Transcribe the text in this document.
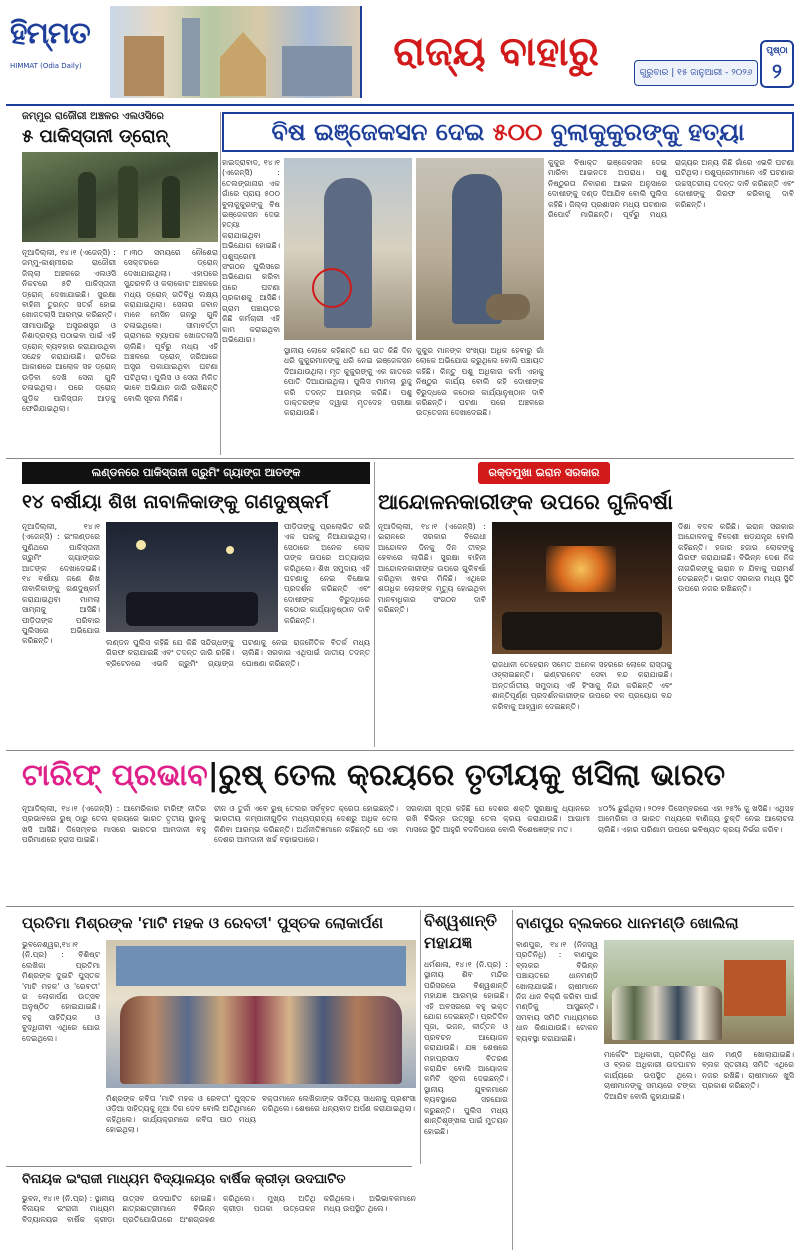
ହିମ୍ମତ
HIMMAT (Odia Daily)	ରାଜ୍ୟ ବାହାରୁ	ଗୁରୁବାର | ୧୫ ଜାନୁଆରୀ - ୨୦୨୬
ପୃଷ୍ଠା
୨
ଜମ୍ମୁର ରାଜୌରୀ ଅଞ୍ଚଳର ଏଲଓସିରେ
୫ ପାକିସ୍ତାନୀ ଡ୍ରୋନ୍
ନୂଆଦିଲ୍ଲୀ, ୧୪।୧ (ଏଜେନ୍ସି) : ଜମ୍ମୁ-କାଶ୍ମୀରର ରାଜୌରୀ ଜିଲ୍ଲା ଅଞ୍ଚଳରେ ଏଲଓସି ନିକଟରେ ୫ଟି ପାକିସ୍ତାନୀ ଡ୍ରୋନ୍ ଦେଖାଯାଇଛି। ସୁରକ୍ଷା ବାହିନୀ ତୁରନ୍ତ ସତର୍କ ହୋଇ ଖୋଜତଲାସି ଆରମ୍ଭ କରିଛନ୍ତି। ସୀମାପାରିରୁ ଅସ୍ତ୍ରଶସ୍ତ୍ର ଓ ନିଶାଦ୍ରବ୍ୟ ପଠାଇବା ପାଇଁ ଏହି ଡ୍ରୋନ୍ ବ୍ୟବହାର କରାଯାଉଥିବା ସନ୍ଦେହ କରାଯାଉଛି। ରାତିରେ ଆକାଶରେ ଆଲୋକ ସହ ଡ୍ରୋନ୍ ଉଡ଼ିବା ଦେଖି ସେନା ଗୁଳି ଚଳାଇଥିଲା। ପରେ ଡ୍ରୋନ୍ ଗୁଡ଼ିକ ପାକିସ୍ତାନ ଆଡ଼କୁ ଫେରିଯାଇଥିଲା।
୮।୩୦ ସମୟରେ ନୌଶେରା ସେକ୍ଟରରେ ଡ୍ରୋନ୍ ଦେଖାଯାଇଥିଲା। ଏହାପରେ ସୁନ୍ଦରବନି ଓ କଲାକୋଟ ଅଞ୍ଚଳରେ ମଧ୍ୟ ଡ୍ରୋନ୍ ଗତିବିଧି ଲକ୍ଷ୍ୟ କରାଯାଇଥିଲା। ସେନାର ଜବାନ ମାନେ ମେସିନ ଗନରୁ ଗୁଳି ଚଳାଇଥିଲେ। ସୀମାବର୍ତ୍ତୀ ଗ୍ରାମରେ ବ୍ୟାପକ ଖୋଜତଲାସି ଚାଲିଛି। ପୂର୍ବରୁ ମଧ୍ୟ ଏହି ଅଞ୍ଚଳରେ ଡ୍ରୋନ୍ ଜରିଆରେ ଅସ୍ତ୍ର ପକାଯାଇଥିବା ଘଟଣା ଘଟିଥିଲା। ପୁଲିସ ଓ ସେନା ମିଳିତ ଭାବେ ଅଭିଯାନ ଜାରି ରଖିଛନ୍ତି ବୋଲି ସୂଚନା ମିଳିଛି।
ବିଷ ଇଞ୍ଜେକସନ ଦେଇ ୫୦୦ ବୁଲାକୁକୁରଙ୍କୁ ହତ୍ୟା
ହାଇଦ୍ରାବାଦ, ୧୪।୧ (ଏଜେନ୍ସି) : ତେଲଙ୍ଗାନାର ଏକ ଗାଁରେ ପ୍ରାୟ ୫୦୦ ବୁଲାକୁକୁରଙ୍କୁ ବିଷ ଇଞ୍ଜେକସନ ଦେଇ ହତ୍ୟା କରାଯାଇଥିବା ଅଭିଯୋଗ ହୋଇଛି। ପଶୁପ୍ରେମୀ ସଂଗଠନ ପୁଲିସରେ ଅଭିଯୋଗ କରିବା ପରେ ଘଟଣା ପ୍ରକାଶକୁ ଆସିଛି। ଗ୍ରାମ ପଞ୍ଚାୟତର କିଛି କର୍ମଚାରୀ ଏହି କାମ କରାଇଥିବା ଅଭିଯୋଗ।
ସ୍ଥାନୀୟ ଲୋକେ କହିଛନ୍ତି ଯେ ଗତ କିଛି ଦିନ ଧରି କୁକୁରମାନଙ୍କୁ ଧରି ନେଇ ଇଞ୍ଜେକସନ ଦିଆଯାଉଥିଲା। ମୃତ କୁକୁରଙ୍କୁ ଏକ ଗାତରେ ପୋତି ଦିଆଯାଇଥିଲା। ପୁଲିସ ମାମଲା ରୁଜୁ କରି ତଦନ୍ତ ଆରମ୍ଭ କରିଛି। ପଶୁ ଡାକ୍ତରଙ୍କ ଦ୍ୱାରା ମୃତଦେହ ପରୀକ୍ଷା କରାଯାଉଛି।
କୁକୁର ମାନଙ୍କ ସଂଖ୍ୟା ଅଧିକ ହେବାରୁ ଗାଁ ଲୋକେ ଅଭିଯୋଗ କରୁଥିଲେ ବୋଲି ପଞ୍ଚାୟତ କହିଛି। କିନ୍ତୁ ପଶୁ ଅଧିକାର କର୍ମୀ ଏହାକୁ ନିଷ୍ଠୁର କାର୍ଯ୍ୟ ବୋଲି କହି ଦୋଷୀଙ୍କ ବିରୁଦ୍ଧରେ କଠୋର କାର୍ଯ୍ୟାନୁଷ୍ଠାନ ଦାବି କରିଛନ୍ତି। ଘଟଣା ପରେ ଅଞ୍ଚଳରେ ଉତ୍ତେଜନା ଦେଖାଦେଇଛି।
କୁକୁର ବିଷାକ୍ତ ଇଞ୍ଜେକସନ ଦେଇ ମାରିବା ଆଇନତଃ ଅପରାଧ। ପଶୁ ନିଷ୍ଠୁରତା ନିବାରଣ ଆଇନ ଅନୁସାରେ ଦୋଷୀଙ୍କୁ ଦଣ୍ଡ ଦିଆଯିବ ବୋଲି ପୁଲିସ କହିଛି। ଜିଲ୍ଲା ପ୍ରଶାସନ ମଧ୍ୟ ଘଟଣାର ରିପୋର୍ଟ ମାଗିଛନ୍ତି। ପୂର୍ବରୁ ମଧ୍ୟ ରାଜ୍ୟର ଅନ୍ୟ କିଛି ଗାଁରେ ଏଭଳି ଘଟଣା ଘଟିଥିଲା। ପଶୁପ୍ରେମୀମାନେ ଏହି ଘଟଣାର ଉଚ୍ଚସ୍ତରୀୟ ତଦନ୍ତ ଦାବି କରିଛନ୍ତି ଏବଂ ଦୋଷୀଙ୍କୁ ଗିରଫ କରିବାକୁ ଦାବି କରିଛନ୍ତି।
ଲଣ୍ଡନରେ ପାକିସ୍ତାନୀ ଗ୍ରୁମିଂ ଗ୍ୟାଙ୍ଗ ଆତଙ୍କ
୧୪ ବର୍ଷୀୟା ଶିଖ ନାବାଳିକାଙ୍କୁ ଗଣଦୁଷ୍କର୍ମ
ନୂଆଦିଲ୍ଲୀ, ୧୪।୧ (ଏଜେନ୍ସି) : ଇଂଲଣ୍ଡରେ ପୁଣିଥରେ ପାକିସ୍ତାନୀ ଗ୍ରୁମିଂ ଗ୍ୟାଙ୍ଗର ଆତଙ୍କ ଦେଖାଦେଇଛି। ୧୪ ବର୍ଷୀୟା ଜଣେ ଶିଖ ନାବାଳିକାଙ୍କୁ ଗଣଦୁଷ୍କର୍ମ କରାଯାଇଥିବା ମାମଲା ସାମ୍ନାକୁ ଆସିଛି। ପୀଡ଼ିତାଙ୍କ ପରିବାର ପୁଲିସରେ ଅଭିଯୋଗ କରିଛନ୍ତି।
ପୀଡ଼ିତାଙ୍କୁ ପ୍ରଲୋଭିତ କରି ଏକ ଘରକୁ ନିଆଯାଇଥିଲା। ସେଠାରେ ଅନେକ ଲୋକ ତାଙ୍କ ଉପରେ ଅତ୍ୟାଚାର କରିଥିଲେ। ଶିଖ ସମୁଦାୟ ଏହି ଘଟଣାକୁ ନେଇ ବିକ୍ଷୋଭ ପ୍ରଦର୍ଶନ କରିଛନ୍ତି ଏବଂ ଦୋଷୀଙ୍କ ବିରୁଦ୍ଧରେ କଠୋର କାର୍ଯ୍ୟାନୁଷ୍ଠାନ ଦାବି କରିଛନ୍ତି।
ଲଣ୍ଡନ ପୁଲିସ କହିଛି ଯେ କିଛି ସନ୍ଦିଗ୍ଧଙ୍କୁ ଗିରଫ କରାଯାଇଛି ଏବଂ ତଦନ୍ତ ଜାରି ରହିଛି। ବ୍ରିଟେନରେ ଏଭଳି ଗ୍ରୁମିଂ ଗ୍ୟାଙ୍ଗ ଘଟଣାକୁ ନେଇ ରାଜନୈତିକ ବିତର୍କ ମଧ୍ୟ ଚାଲିଛି। ସରକାର ଏଥିପାଇଁ ଜାତୀୟ ତଦନ୍ତ ଘୋଷଣା କରିଛନ୍ତି।
ରକ୍ତମୁଖା ଇରାନ ସରକାର
ଆନ୍ଦୋଳନକାରୀଙ୍କ ଉପରେ ଗୁଳିବର୍ଷା
ନୂଆଦିଲ୍ଲୀ, ୧୪।୧ (ଏଜେନ୍ସି) : ଇରାନରେ ସରକାର ବିରୋଧୀ ଆନ୍ଦୋଳନ ଦିନକୁ ଦିନ ତୀବ୍ର ହେବାରେ ଲାଗିଛି। ସୁରକ୍ଷା ବାହିନୀ ଆନ୍ଦୋଳନକାରୀଙ୍କ ଉପରେ ଗୁଳିବର୍ଷା କରିଥିବା ଖବର ମିଳିଛି। ଏଥିରେ ଶତାଧିକ ଲୋକଙ୍କ ମୃତ୍ୟୁ ହୋଇଥିବା ମାନବାଧିକାର ସଂଗଠନ ଦାବି କରିଛନ୍ତି।
ରାଜଧାନୀ ତେହେରାନ ସମେତ ଅନେକ ସହରରେ ଲୋକେ ରାସ୍ତାକୁ ଓହ୍ଲାଇଛନ୍ତି। ଇଣ୍ଟରନେଟ ସେବା ବନ୍ଦ କରାଯାଇଛି। ଅନ୍ତର୍ଜାତୀୟ ସମୁଦାୟ ଏହି ହିଂସାକୁ ନିନ୍ଦା କରିଛନ୍ତି ଏବଂ ଶାନ୍ତିପୂର୍ଣ୍ଣ ପ୍ରଦର୍ଶନକାରୀଙ୍କ ଉପରେ ବଳ ପ୍ରୟୋଗ ବନ୍ଦ କରିବାକୁ ଆହ୍ୱାନ ଦେଇଛନ୍ତି।
ଦିଶା ବଦଳ କରିଛି। ଇରାନ ସରକାର ଆନ୍ଦୋଳନକୁ ବିଦେଶୀ ଷଡ଼ଯନ୍ତ୍ର ବୋଲି କହିଛନ୍ତି। ହଜାର ହଜାର ଲୋକଙ୍କୁ ଗିରଫ କରାଯାଇଛି। ବିଭିନ୍ନ ଦେଶ ନିଜ ନାଗରିକଙ୍କୁ ଇରାନ ନ ଯିବାକୁ ପରାମର୍ଶ ଦେଇଛନ୍ତି। ଭାରତ ସରକାର ମଧ୍ୟ ସ୍ଥିତି ଉପରେ ନଜର ରଖିଛନ୍ତି।
ଟାରିଫ୍ ପ୍ରଭାବ|ରୁଷ୍ ତେଲ କ୍ରୟରେ ତୃତୀୟକୁ ଖସିଲା ଭାରତ
ନୂଆଦିଲ୍ଲୀ, ୧୪।୧ (ଏଜେନ୍ସି) : ଆମେରିକାର ଟାରିଫ୍ ନୀତିର ପ୍ରଭାବରେ ରୁଷ୍ ଠାରୁ ତେଲ କ୍ରୟରେ ଭାରତ ତୃତୀୟ ସ୍ଥାନକୁ ଖସି ଆସିଛି। ଡିସେମ୍ବର ମାସରେ ଭାରତର ଆମଦାନୀ ବହୁ ପରିମାଣରେ ହ୍ରାସ ପାଇଛି।
ଚୀନ ଓ ତୁର୍କୀ ଏବେ ରୁଷ୍ ତେଲର ସର୍ବବୃହତ କ୍ରେତା ହୋଇଛନ୍ତି। ଭାରତୀୟ କମ୍ପାନୀଗୁଡ଼ିକ ମଧ୍ୟପ୍ରାଚ୍ୟ ଦେଶରୁ ଅଧିକ ତେଲ କିଣିବା ଆରମ୍ଭ କରିଛନ୍ତି। ଅର୍ଥନୀତିଜ୍ଞମାନେ କହିଛନ୍ତି ଯେ ଏହା ଦେଶର ଆମଦାନୀ ଖର୍ଚ୍ଚ ବଢ଼ାଇପାରେ।
ସରକାରୀ ସୂତ୍ର କହିଛି ଯେ ଦେଶର ଶକ୍ତି ସୁରକ୍ଷାକୁ ଧ୍ୟାନରେ ରଖି ବିଭିନ୍ନ ଉତ୍ସରୁ ତେଲ କ୍ରୟ କରାଯାଉଛି। ଆଗାମୀ ମାସରେ ସ୍ଥିତି ଆହୁରି ବଦଳିପାରେ ବୋଲି ବିଶେଷଜ୍ଞଙ୍କ ମତ।
୪୦% ଛୁଇଁଥିଲା। ୨୦୨୫ ଡିସେମ୍ବରରେ ଏହା ୨୫% କୁ ଖସିଛି। ଏଥିସହ ଆମେରିକା ଓ ଭାରତ ମଧ୍ୟରେ ବାଣିଜ୍ୟ ଚୁକ୍ତି ନେଇ ଆଲୋଚନା ଚାଲିଛି। ଏହାର ପରିଣାମ ଉପରେ ଭବିଷ୍ୟତ କ୍ରୟ ନିର୍ଭର କରିବ।
ପ୍ରତିମା ମିଶ୍ରଙ୍କ 'ମାଟି ମହକ ଓ ରେବତୀ' ପୁସ୍ତକ ଲୋକାର୍ପଣ
ଭୁବନେଶ୍ୱର,୧୪।୧ (ନି.ପ୍ର) : ବିଶିଷ୍ଟ ଲେଖିକା ପ୍ରତିମା ମିଶ୍ରଙ୍କ ଦୁଇଟି ପୁସ୍ତକ 'ମାଟି ମହକ' ଓ 'ରେବତୀ' ର ଲୋକାର୍ପଣ ଉତ୍ସବ ଅନୁଷ୍ଠିତ ହୋଇଯାଇଛି। ବହୁ ସାହିତ୍ୟିକ ଓ ବୁଦ୍ଧିଜୀବୀ ଏଥିରେ ଯୋଗ ଦେଇଥିଲେ।
ମିଶ୍ରଙ୍କ କବିତା 'ମାଟି ମହକ ଓ ରେବତୀ' ପୁସ୍ତକ ଓଡ଼ିଆ ସାହିତ୍ୟକୁ ନୂଆ ଦିଗ ଦେବ ବୋଲି ଅତିଥିମାନେ କହିଥିଲେ। କାର୍ଯ୍ୟକ୍ରମରେ କବିତା ପାଠ ମଧ୍ୟ ହୋଇଥିଲା।
ବକ୍ତାମାନେ ଲେଖିକାଙ୍କ ସାହିତ୍ୟ ସାଧନାକୁ ପ୍ରଶଂସା କରିଥିଲେ। ଶେଷରେ ଧନ୍ୟବାଦ ଅର୍ପଣ କରାଯାଇଥିଲା।
ବିଶ୍ୱଶାନ୍ତି ମହାଯଜ୍ଞ
ଧର୍ମଶାଳା, ୧୪।୧ (ନି.ପ୍ର) : ସ୍ଥାନୀୟ ଶିବ ମନ୍ଦିର ପରିସରରେ ବିଶ୍ୱଶାନ୍ତି ମହାଯଜ୍ଞ ଆରମ୍ଭ ହୋଇଛି। ଏହି ଅବସରରେ ବହୁ ଭକ୍ତ ଯୋଗ ଦେଇଛନ୍ତି। ପ୍ରତିଦିନ ପୂଜା, ଭଜନ, କୀର୍ତ୍ତନ ଓ ପ୍ରବଚନ ଆୟୋଜନ କରାଯାଉଛି। ଯଜ୍ଞ ଶେଷରେ ମହାପ୍ରସାଦ ବିତରଣ କରାଯିବ ବୋଲି ଆୟୋଜକ କମିଟି ସୂଚନା ଦେଇଛନ୍ତି। ସ୍ଥାନୀୟ ଯୁବକମାନେ ବ୍ୟବସ୍ଥାରେ ସହଯୋଗ କରୁଛନ୍ତି। ପୁଲିସ ମଧ୍ୟ ଶାନ୍ତିଶୃଙ୍ଖଳା ପାଇଁ ମୁତୟନ ହୋଇଛି।
ବାଣପୁର ବ୍ଲକରେ ଧାନମଣ୍ଡି ଖୋଲିଲା
ବାଣପୁର, ୧୪।୧ (ନିଜସ୍ୱ ପ୍ରତିନିଧି) : ବାଣପୁର ବ୍ଲକର ବିଭିନ୍ନ ପଞ୍ଚାୟତରେ ଧାନମଣ୍ଡି ଖୋଲାଯାଇଛି। ଚାଷୀମାନେ ନିଜ ଧାନ ବିକ୍ରି କରିବା ପାଇଁ ମଣ୍ଡିକୁ ଆସୁଛନ୍ତି। ସମବାୟ ସମିତି ମାଧ୍ୟମରେ ଧାନ କିଣାଯାଉଛି। ଟୋକନ ବ୍ୟବସ୍ଥା କରାଯାଇଛି।
ମାର୍କେଟିଂ ଅଧିକାରୀ, ପ୍ରତିନିଧି ଓ ବ୍ଲକ ଅଧିକାରୀ ଉଦଘାଟନ କାର୍ଯ୍ୟରେ ଉପସ୍ଥିତ ଥିଲେ। ଚାଷୀମାନଙ୍କୁ ସମୟରେ ଟଙ୍କା ଦିଆଯିବ ବୋଲି କୁହାଯାଇଛି।
ଧାନ ମଣ୍ଡି ଖୋଲାଯାଇଛି। ବ୍ଲକ ସ୍ତରୀୟ ସମିତି ଏଥିରେ ନଜର ରଖିଛି। ଚାଷୀମାନେ ଖୁସି ପ୍ରକାଶ କରିଛନ୍ତି।
ବିନାୟକ ଇଂରାଜୀ ମାଧ୍ୟମ ବିଦ୍ୟାଳୟର ବାର୍ଷିକ କ୍ରୀଡ଼ା ଉଦଘାଟିତ
ଭୁବନ, ୧୪।୧ (ନି.ପ୍ର) : ସ୍ଥାନୀୟ ବିନାୟକ ଇଂରାଜୀ ମାଧ୍ୟମ ବିଦ୍ୟାଳୟର ବାର୍ଷିକ କ୍ରୀଡ଼ା ଉତ୍ସବ ଉଦଘାଟିତ ହୋଇଛି। ଛାତ୍ରଛାତ୍ରୀମାନେ ବିଭିନ୍ନ ପ୍ରତିଯୋଗିତାରେ ଅଂଶଗ୍ରହଣ କରିଥିଲେ। ମୁଖ୍ୟ ଅତିଥି କ୍ରୀଡ଼ା ପତାକା ଉତ୍ତୋଳନ କରିଥିଲେ। ଅଭିଭାବକମାନେ ମଧ୍ୟ ଉପସ୍ଥିତ ଥିଲେ।
